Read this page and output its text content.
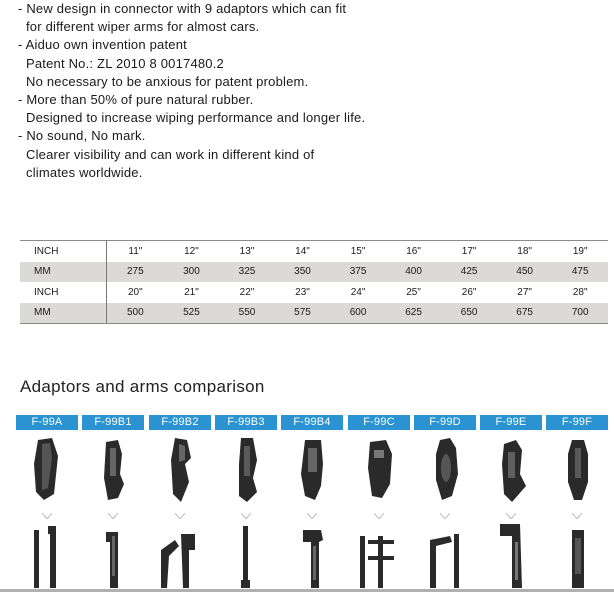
- New design in connector with 9 adaptors which can fit
for different wiper arms for almost cars.
- Aiduo own invention patent
Patent No.: ZL 2010 8 0017480.2
No necessary to be anxious for patent problem.
- More than 50% of pure natural rubber.
Designed to increase wiping performance and longer life.
- No sound, No mark.
Clearer visibility and can work in different kind of
climates worldwide.
INCH	11"	12"	13"	14"	15"	16"	17"	18"	19"
MM	275	300	325	350	375	400	425	450	475
INCH	20"	21"	22"	23"	24"	25"	26"	27"	28"
MM	500	525	550	575	600	625	650	675	700
Adaptors and arms comparison
F-99A	F-99B1	F-99B2	F-99B3	F-99B4	F-99C	F-99D	F-99E	F-99F
